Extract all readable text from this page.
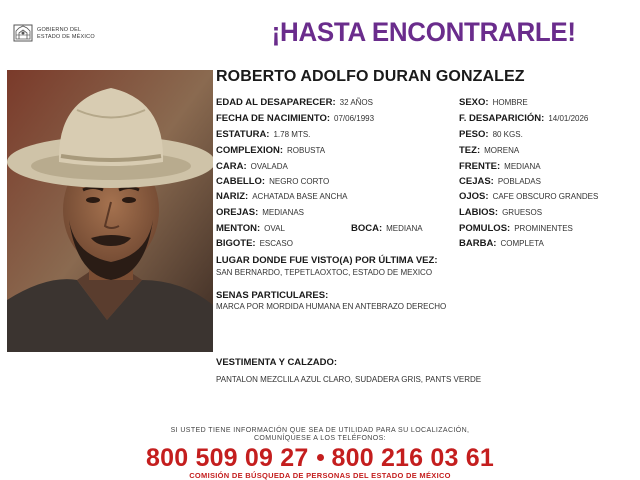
GOBIERNO DEL
ESTADO DE MÉXICO	¡HASTA ENCONTRARLE!
ROBERTO ADOLFO DURAN GONZALEZ
EDAD AL DESAPARECER: 32 AÑOS
FECHA DE NACIMIENTO: 07/06/1993
ESTATURA: 1.78 MTS.
COMPLEXION: ROBUSTA
CARA: OVALADA
CABELLO: NEGRO CORTO
NARIZ: ACHATADA BASE ANCHA
OREJAS: MEDIANAS
MENTON: OVAL
BIGOTE: ESCASO
BOCA: MEDIANA
SEXO: HOMBRE
F. DESAPARICIÓN: 14/01/2026
PESO: 80 KGS.
TEZ: MORENA
FRENTE: MEDIANA
CEJAS: POBLADAS
OJOS: CAFE OBSCURO GRANDES
LABIOS: GRUESOS
POMULOS: PROMINENTES
BARBA: COMPLETA
LUGAR DONDE FUE VISTO(A) POR ÚLTIMA VEZ:
SAN BERNARDO, TEPETLAOXTOC, ESTADO DE MEXICO
SENAS PARTICULARES:
MARCA POR MORDIDA HUMANA EN ANTEBRAZO DERECHO
VESTIMENTA Y CALZADO:
PANTALON MEZCLILA AZUL CLARO, SUDADERA GRIS, PANTS VERDE
SI USTED TIENE INFORMACIÓN QUE SEA DE UTILIDAD PARA SU LOCALIZACIÓN,
COMUNÍQUESE A LOS TELÉFONOS:
800 509 09 27 800 216 03 61
COMISIÓN DE BÚSQUEDA DE PERSONAS DEL ESTADO DE MÉXICO
